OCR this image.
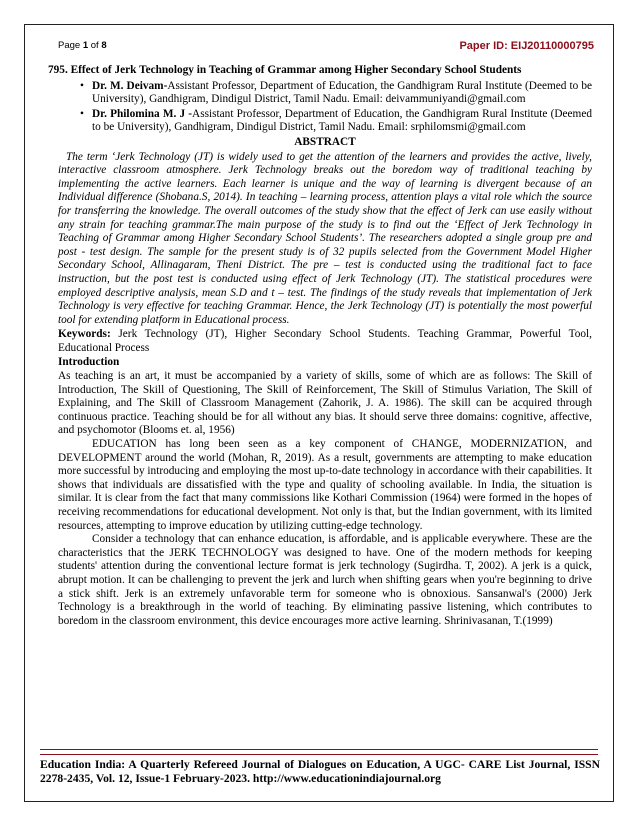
Page 1 of 8	Paper ID: EIJ20110000795
795. Effect of Jerk Technology in Teaching of Grammar among Higher Secondary School Students
• Dr. M. Deivam-Assistant Professor, Department of Education, the Gandhigram Rural Institute (Deemed to be University), Gandhigram, Dindigul District, Tamil Nadu. Email: deivammuniyandi@gmail.com
• Dr. Philomina M. J -Assistant Professor, Department of Education, the Gandhigram Rural Institute (Deemed to be University), Gandhigram, Dindigul District, Tamil Nadu. Email: srphilomsmi@gmail.com
ABSTRACT

The term ‘Jerk Technology (JT) is widely used to get the attention of the learners and provides the active, lively, interactive classroom atmosphere. Jerk Technology breaks out the boredom way of traditional teaching by implementing the active learners. Each learner is unique and the way of learning is divergent because of an Individual difference (Shobana.S, 2014). In teaching – learning process, attention plays a vital role which the source for transferring the knowledge. The overall outcomes of the study show that the effect of Jerk can use easily without any strain for teaching grammar.The main purpose of the study is to find out the ‘Effect of Jerk Technology in Teaching of Grammar among Higher Secondary School Students’. The researchers adopted a single group pre and post - test design. The sample for the present study is of 32 pupils selected from the Government Model Higher Secondary School, Allinagaram, Theni District. The pre – test is conducted using the traditional fact to face instruction, but the post test is conducted using effect of Jerk Technology (JT). The statistical procedures were employed descriptive analysis, mean S.D and t – test. The findings of the study reveals that implementation of Jerk Technology is very effective for teaching Grammar. Hence, the Jerk Technology (JT) is potentially the most powerful tool for extending platform in Educational process.

Keywords: Jerk Technology (JT), Higher Secondary School Students. Teaching Grammar, Powerful Tool, Educational Process

Introduction

As teaching is an art, it must be accompanied by a variety of skills, some of which are as follows: The Skill of Introduction, The Skill of Questioning, The Skill of Reinforcement, The Skill of Stimulus Variation, The Skill of Explaining, and The Skill of Classroom Management (Zahorik, J. A. 1986). The skill can be acquired through continuous practice. Teaching should be for all without any bias. It should serve three domains: cognitive, affective, and psychomotor (Blooms et. al, 1956)

EDUCATION has long been seen as a key component of CHANGE, MODERNIZATION, and DEVELOPMENT around the world (Mohan, R, 2019). As a result, governments are attempting to make education more successful by introducing and employing the most up-to-date technology in accordance with their capabilities. It shows that individuals are dissatisfied with the type and quality of schooling available. In India, the situation is similar. It is clear from the fact that many commissions like Kothari Commission (1964) were formed in the hopes of receiving recommendations for educational development. Not only is that, but the Indian government, with its limited resources, attempting to improve education by utilizing cutting-edge technology.

Consider a technology that can enhance education, is affordable, and is applicable everywhere. These are the characteristics that the JERK TECHNOLOGY was designed to have. One of the modern methods for keeping students' attention during the conventional lecture format is jerk technology (Sugirdha. T, 2002). A jerk is a quick, abrupt motion. It can be challenging to prevent the jerk and lurch when shifting gears when you're beginning to drive a stick shift. Jerk is an extremely unfavorable term for someone who is obnoxious. Sansanwal's (2000) Jerk Technology is a breakthrough in the world of teaching. By eliminating passive listening, which contributes to boredom in the classroom environment, this device encourages more active learning. Shrinivasanan, T.(1999)

Education India: A Quarterly Refereed Journal of Dialogues on Education, A UGC- CARE List Journal, ISSN 2278-2435, Vol. 12, Issue-1 February-2023. http://www.educationindiajournal.org
